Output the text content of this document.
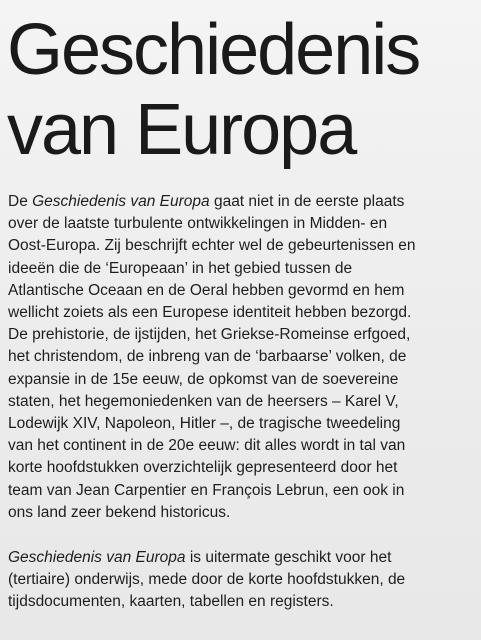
Geschiedenis
van Europa

De Geschiedenis van Europa gaat niet in de eerste plaats
over de laatste turbulente ontwikkelingen in Midden- en
Oost-Europa. Zij beschrijft echter wel de gebeurtenissen en
ideeën die de ‘Europeaan’ in het gebied tussen de
Atlantische Oceaan en de Oeral hebben gevormd en hem
wellicht zoiets als een Europese identiteit hebben bezorgd.
De prehistorie, de ijstijden, het Griekse-Romeinse erfgoed,
het christendom, de inbreng van de ‘barbaarse’ volken, de
expansie in de 15e eeuw, de opkomst van de soevereine
staten, het hegemoniedenken van de heersers – Karel V,
Lodewijk XIV, Napoleon, Hitler –, de tragische tweedeling
van het continent in de 20e eeuw: dit alles wordt in tal van
korte hoofdstukken overzichtelijk gepresenteerd door het
team van Jean Carpentier en François Lebrun, een ook in
ons land zeer bekend historicus.

Geschiedenis van Europa is uitermate geschikt voor het
(tertiaire) onderwijs, mede door de korte hoofdstukken, de
tijdsdocumenten, kaarten, tabellen en registers.
